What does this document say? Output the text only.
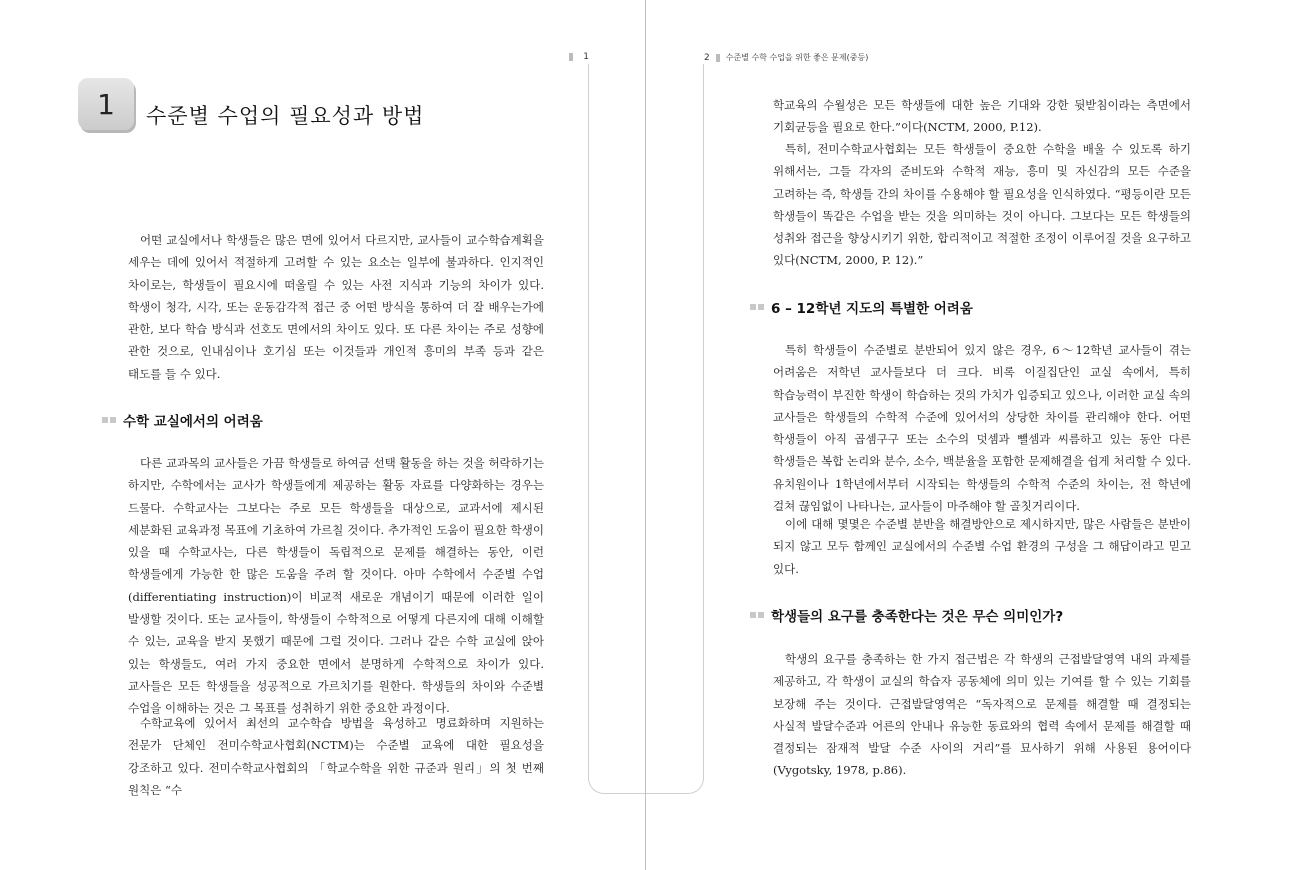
1
1	수준별 수업의 필요성과 방법

어떤 교실에서나 학생들은 많은 면에 있어서 다르지만, 교사들이 교수학습계획을 세우는 데에 있어서 적절하게 고려할 수 있는 요소는 일부에 불과하다. 인지적인 차이로는, 학생들이 필요시에 떠올릴 수 있는 사전 지식과 기능의 차이가 있다. 학생이 청각, 시각, 또는 운동감각적 접근 중 어떤 방식을 통하여 더 잘 배우는가에 관한, 보다 학습 방식과 선호도 면에서의 차이도 있다. 또 다른 차이는 주로 성향에 관한 것으로, 인내심이나 호기심 또는 이것들과 개인적 흥미의 부족 등과 같은 태도를 들 수 있다.

수학 교실에서의 어려움

다른 교과목의 교사들은 가끔 학생들로 하여금 선택 활동을 하는 것을 허락하기는 하지만, 수학에서는 교사가 학생들에게 제공하는 활동 자료를 다양화하는 경우는 드물다. 수학교사는 그보다는 주로 모든 학생들을 대상으로, 교과서에 제시된 세분화된 교육과정 목표에 기초하여 가르칠 것이다. 추가적인 도움이 필요한 학생이 있을 때 수학교사는, 다른 학생들이 독립적으로 문제를 해결하는 동안, 이런 학생들에게 가능한 한 많은 도움을 주려 할 것이다. 아마 수학에서 수준별 수업(differentiating instruction)이 비교적 새로운 개념이기 때문에 이러한 일이 발생할 것이다. 또는 교사들이, 학생들이 수학적으로 어떻게 다른지에 대해 이해할 수 있는, 교육을 받지 못했기 때문에 그럴 것이다. 그러나 같은 수학 교실에 앉아 있는 학생들도, 여러 가지 중요한 면에서 분명하게 수학적으로 차이가 있다. 교사들은 모든 학생들을 성공적으로 가르치기를 원한다. 학생들의 차이와 수준별 수업을 이해하는 것은 그 목표를 성취하기 위한 중요한 과정이다.

수학교육에 있어서 최선의 교수학습 방법을 육성하고 명료화하며 지원하는 전문가 단체인 전미수학교사협회(NCTM)는 수준별 교육에 대한 필요성을 강조하고 있다. 전미수학교사협회의 「학교수학을 위한 규준과 원리」의 첫 번째 원칙은 “수

2 수준별 수학 수업을 위한 좋은 문제(중등)

학교육의 수월성은 모든 학생들에 대한 높은 기대와 강한 뒷받침이라는 측면에서 기회균등을 필요로 한다.”이다(NCTM, 2000, P.12).

특히, 전미수학교사협회는 모든 학생들이 중요한 수학을 배울 수 있도록 하기 위해서는, 그들 각자의 준비도와 수학적 재능, 흥미 및 자신감의 모든 수준을 고려하는 즉, 학생들 간의 차이를 수용해야 할 필요성을 인식하였다. “평등이란 모든 학생들이 똑같은 수업을 받는 것을 의미하는 것이 아니다. 그보다는 모든 학생들의 성취와 접근을 향상시키기 위한, 합리적이고 적절한 조정이 이루어질 것을 요구하고 있다(NCTM, 2000, P. 12).”

6 – 12학년 지도의 특별한 어려움

특히 학생들이 수준별로 분반되어 있지 않은 경우, 6～12학년 교사들이 겪는 어려움은 저학년 교사들보다 더 크다. 비록 이질집단인 교실 속에서, 특히 학습능력이 부진한 학생이 학습하는 것의 가치가 입증되고 있으나, 이러한 교실 속의 교사들은 학생들의 수학적 수준에 있어서의 상당한 차이를 관리해야 한다. 어떤 학생들이 아직 곱셈구구 또는 소수의 덧셈과 뺄셈과 씨름하고 있는 동안 다른 학생들은 복합 논리와 분수, 소수, 백분율을 포함한 문제해결을 쉽게 처리할 수 있다. 유치원이나 1학년에서부터 시작되는 학생들의 수학적 수준의 차이는, 전 학년에 걸쳐 끊임없이 나타나는, 교사들이 마주해야 할 골칫거리이다.

이에 대해 몇몇은 수준별 분반을 해결방안으로 제시하지만, 많은 사람들은 분반이 되지 않고 모두 함께인 교실에서의 수준별 수업 환경의 구성을 그 해답이라고 믿고 있다.

학생들의 요구를 충족한다는 것은 무슨 의미인가?

학생의 요구를 충족하는 한 가지 접근법은 각 학생의 근접발달영역 내의 과제를 제공하고, 각 학생이 교실의 학습자 공동체에 의미 있는 기여를 할 수 있는 기회를 보장해 주는 것이다. 근접발달영역은 “독자적으로 문제를 해결할 때 결정되는 사실적 발달수준과 어른의 안내나 유능한 동료와의 협력 속에서 문제를 해결할 때 결정되는 잠재적 발달 수준 사이의 거리”를 묘사하기 위해 사용된 용어이다(Vygotsky, 1978, p.86).
